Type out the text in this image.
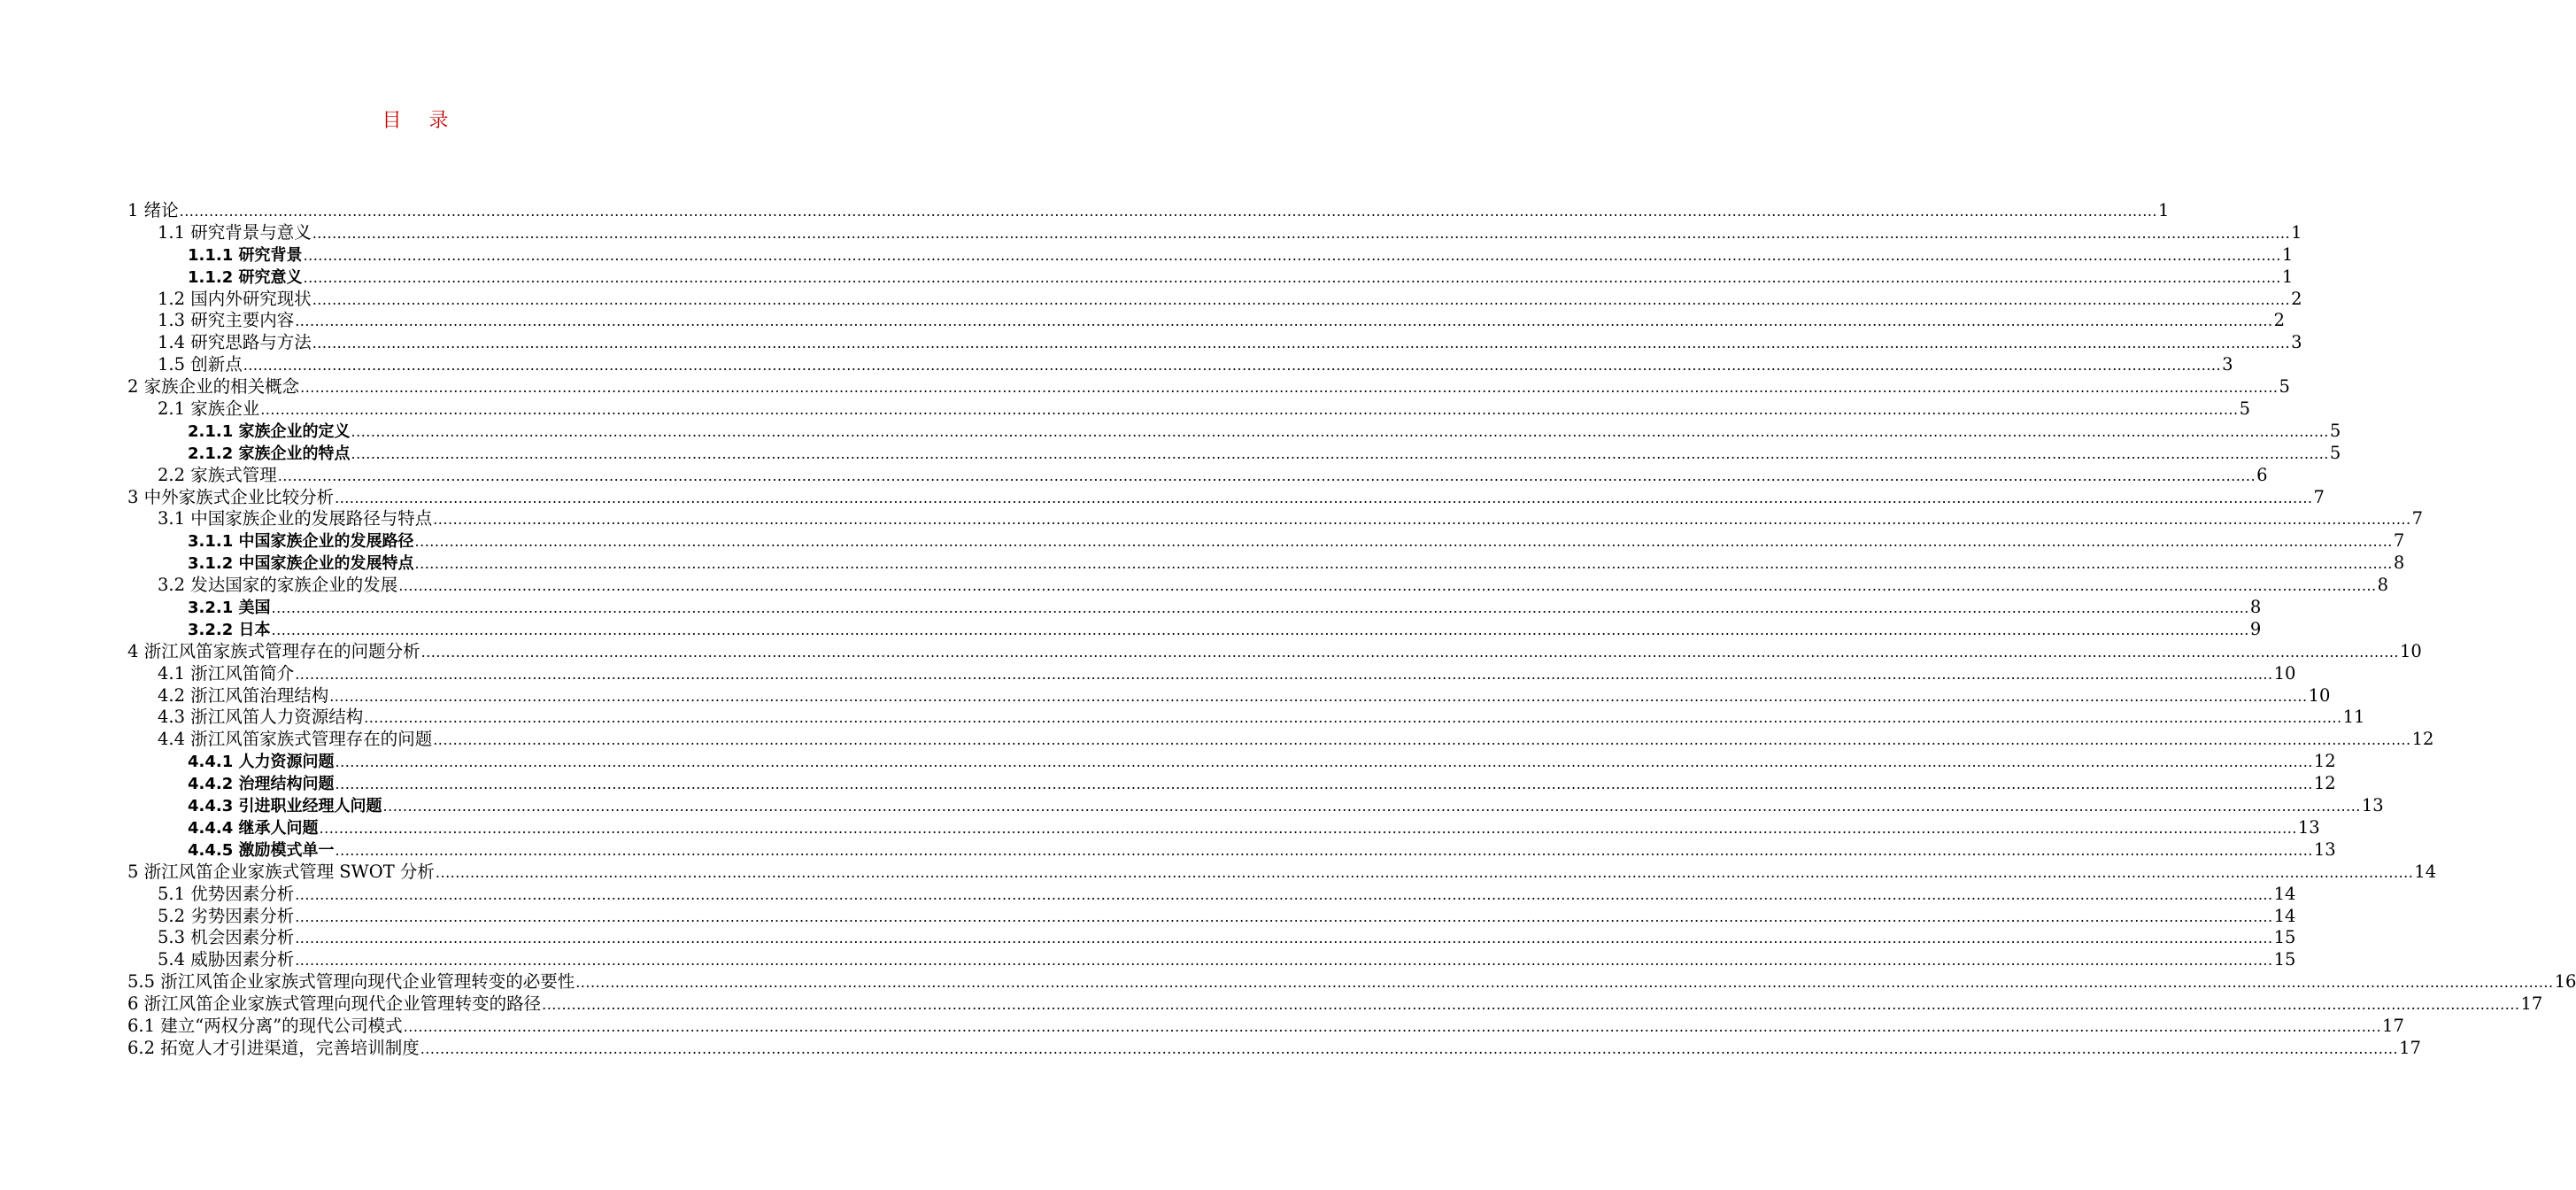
目 录
1 绪论 ................................................................................................................................................................................................................................................................................................................................................................................................................ 1
1.1 研究背景与意义 ................................................................................................................................................................................................................................................................................................................................................................................................................ 1
1.1.1 研究背景 ................................................................................................................................................................................................................................................................................................................................................................................................................ 1
1.1.2 研究意义 ................................................................................................................................................................................................................................................................................................................................................................................................................ 1
1.2 国内外研究现状 ................................................................................................................................................................................................................................................................................................................................................................................................................ 2
1.3 研究主要内容 ................................................................................................................................................................................................................................................................................................................................................................................................................ 2
1.4 研究思路与方法 ................................................................................................................................................................................................................................................................................................................................................................................................................ 3
1.5 创新点 ................................................................................................................................................................................................................................................................................................................................................................................................................ 3
2 家族企业的相关概念 ................................................................................................................................................................................................................................................................................................................................................................................................................ 5
2.1 家族企业 ................................................................................................................................................................................................................................................................................................................................................................................................................ 5
2.1.1 家族企业的定义 ................................................................................................................................................................................................................................................................................................................................................................................................................ 5
2.1.2 家族企业的特点 ................................................................................................................................................................................................................................................................................................................................................................................................................ 5
2.2 家族式管理 ................................................................................................................................................................................................................................................................................................................................................................................................................ 6
3 中外家族式企业比较分析 ................................................................................................................................................................................................................................................................................................................................................................................................................ 7
3.1 中国家族企业的发展路径与特点 ................................................................................................................................................................................................................................................................................................................................................................................................................ 7
3.1.1 中国家族企业的发展路径 ................................................................................................................................................................................................................................................................................................................................................................................................................ 7
3.1.2 中国家族企业的发展特点 ................................................................................................................................................................................................................................................................................................................................................................................................................ 8
3.2 发达国家的家族企业的发展 ................................................................................................................................................................................................................................................................................................................................................................................................................ 8
3.2.1 美国 ................................................................................................................................................................................................................................................................................................................................................................................................................ 8
3.2.2 日本 ................................................................................................................................................................................................................................................................................................................................................................................................................ 9
4 浙江风笛家族式管理存在的问题分析 ................................................................................................................................................................................................................................................................................................................................................................................................................ 10
4.1 浙江风笛简介 ................................................................................................................................................................................................................................................................................................................................................................................................................ 10
4.2 浙江风笛治理结构 ................................................................................................................................................................................................................................................................................................................................................................................................................ 10
4.3 浙江风笛人力资源结构 ................................................................................................................................................................................................................................................................................................................................................................................................................ 11
4.4 浙江风笛家族式管理存在的问题 ................................................................................................................................................................................................................................................................................................................................................................................................................ 12
4.4.1 人力资源问题 ................................................................................................................................................................................................................................................................................................................................................................................................................ 12
4.4.2 治理结构问题 ................................................................................................................................................................................................................................................................................................................................................................................................................ 12
4.4.3 引进职业经理人问题 ................................................................................................................................................................................................................................................................................................................................................................................................................ 13
4.4.4 继承人问题 ................................................................................................................................................................................................................................................................................................................................................................................................................ 13
4.4.5 激励模式单一 ................................................................................................................................................................................................................................................................................................................................................................................................................ 13
5 浙江风笛企业家族式管理 SWOT 分析 ................................................................................................................................................................................................................................................................................................................................................................................................................ 14
5.1 优势因素分析 ................................................................................................................................................................................................................................................................................................................................................................................................................ 14
5.2 劣势因素分析 ................................................................................................................................................................................................................................................................................................................................................................................................................ 14
5.3 机会因素分析 ................................................................................................................................................................................................................................................................................................................................................................................................................ 15
5.4 威胁因素分析 ................................................................................................................................................................................................................................................................................................................................................................................................................ 15
5.5 浙江风笛企业家族式管理向现代企业管理转变的必要性 ................................................................................................................................................................................................................................................................................................................................................................................................................ 16
6 浙江风笛企业家族式管理向现代企业管理转变的路径 ................................................................................................................................................................................................................................................................................................................................................................................................................ 17
6.1 建立“两权分离”的现代公司模式 ................................................................................................................................................................................................................................................................................................................................................................................................................ 17
6.2 拓宽人才引进渠道，完善培训制度 ................................................................................................................................................................................................................................................................................................................................................................................................................ 17
